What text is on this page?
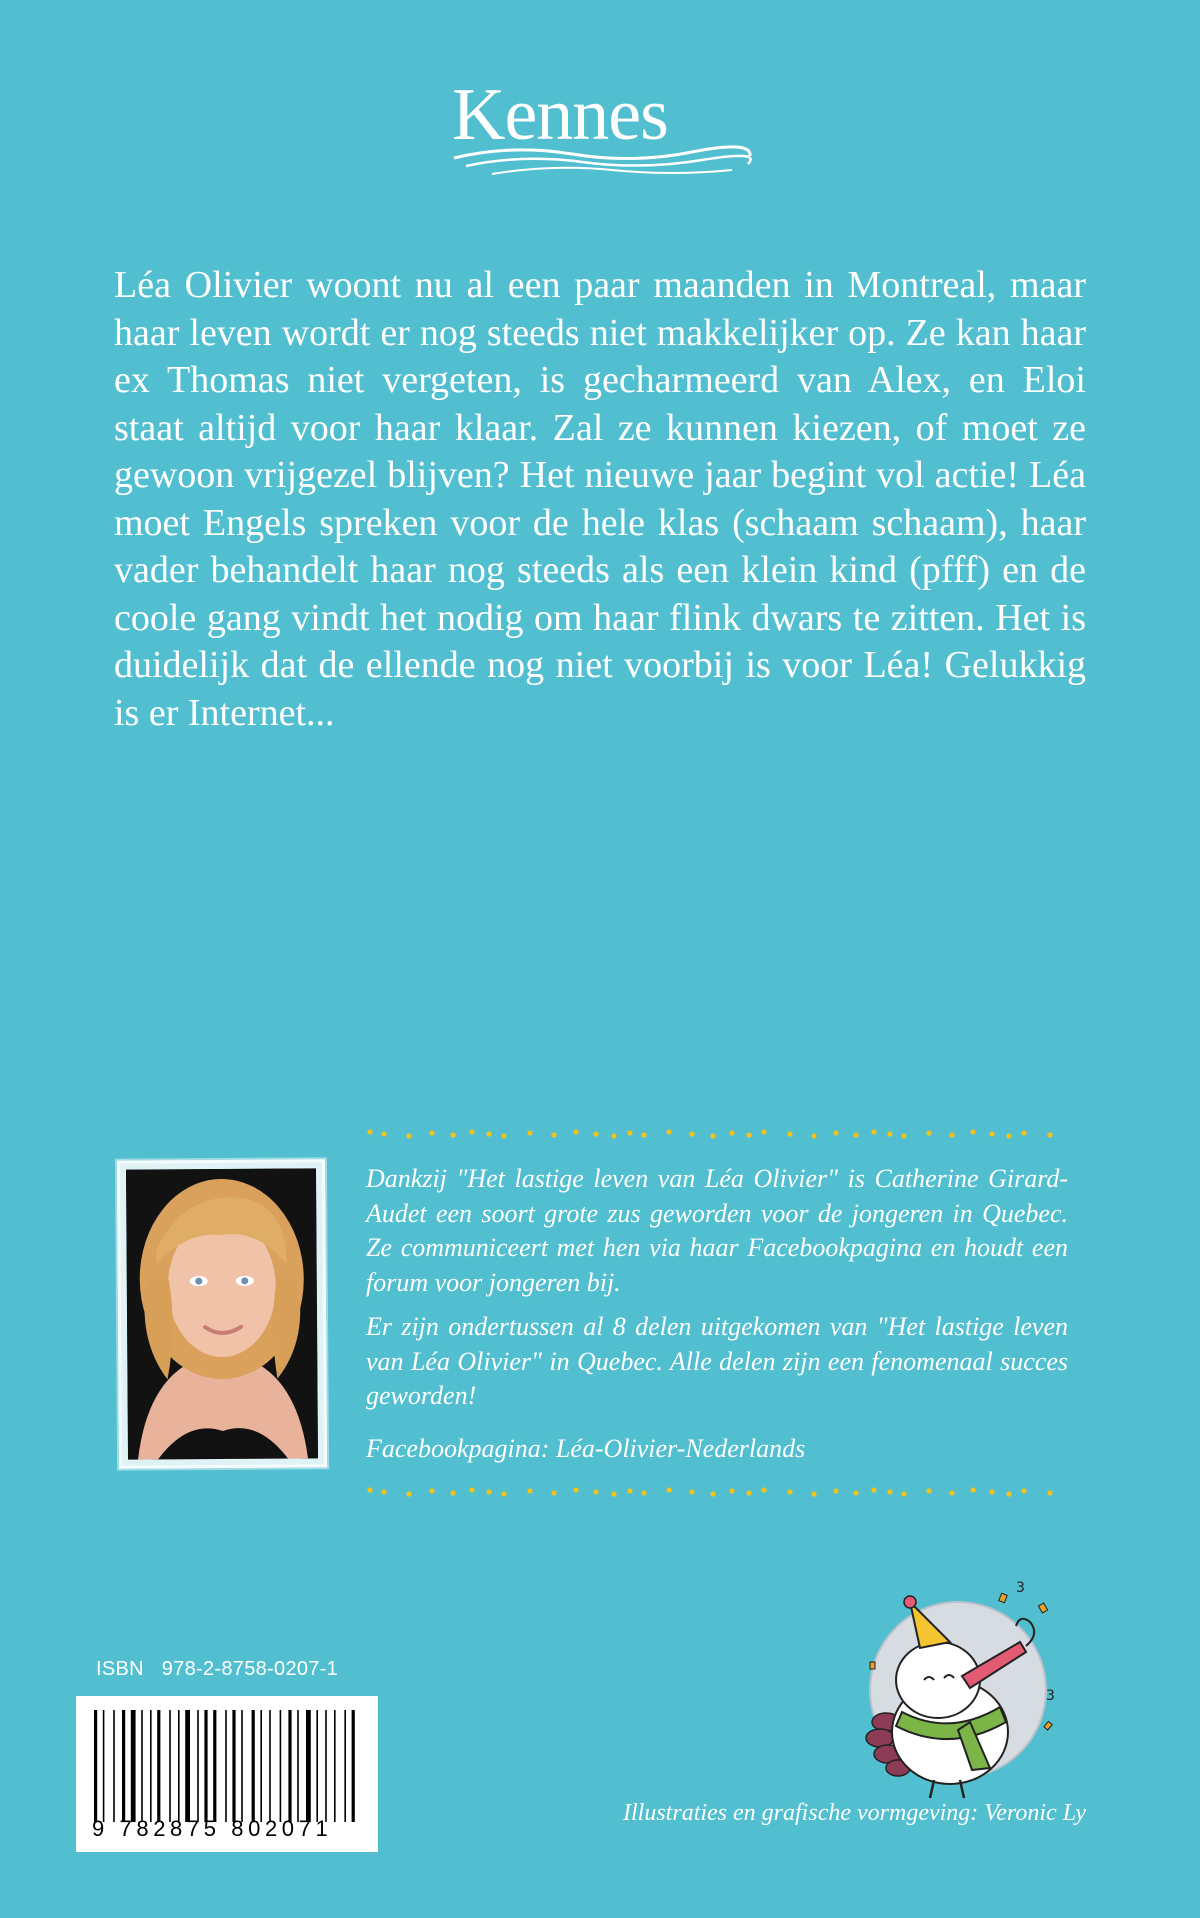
Kennes

Léa Olivier woont nu al een paar maanden in Montreal, maar haar leven wordt er nog steeds niet makkelijker op. Ze kan haar ex Thomas niet vergeten, is gecharmeerd van Alex, en Eloi staat altijd voor haar klaar. Zal ze kunnen kiezen, of moet ze gewoon vrijgezel blijven? Het nieuwe jaar begint vol actie! Léa moet Engels spreken voor de hele klas (schaam schaam), haar vader behandelt haar nog steeds als een klein kind (pfff) en de coole gang vindt het nodig om haar flink dwars te zitten. Het is duidelijk dat de ellende nog niet voorbij is voor Léa! Gelukkig is er Internet...

Dankzij "Het lastige leven van Léa Olivier" is Catherine Girard-Audet een soort grote zus geworden voor de jongeren in Quebec. Ze communiceert met hen via haar Facebookpagina en houdt een forum voor jongeren bij.

Er zijn ondertussen al 8 delen uitgekomen van "Het lastige leven van Léa Olivier" in Quebec. Alle delen zijn een fenomenaal succes geworden!

Facebookpagina: Léa-Olivier-Nederlands

ISBN 978-2-8758-0207-1
9 782875 802071
3
3
Illustraties en grafische vormgeving: Veronic Ly
